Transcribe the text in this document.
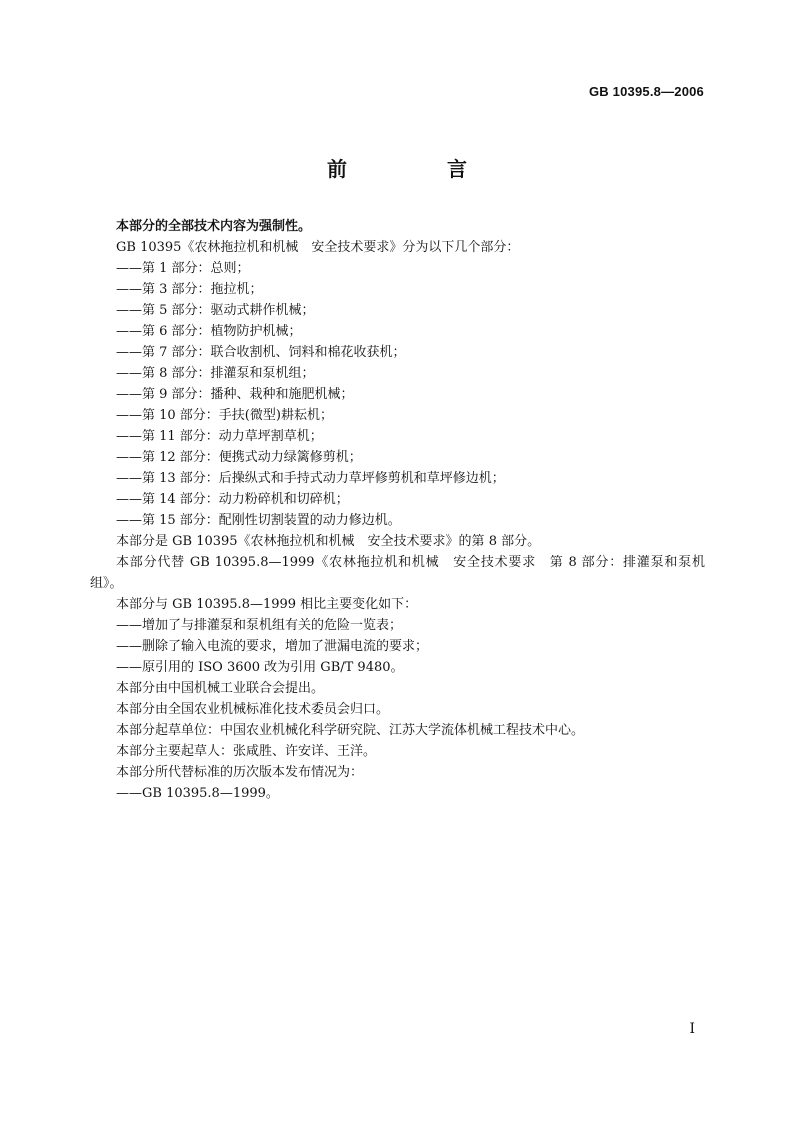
GB 10395.8—2006
前　言
本部分的全部技术内容为强制性。
GB 10395《农林拖拉机和机械　安全技术要求》分为以下几个部分：
——第 1 部分：总则；
——第 3 部分：拖拉机；
——第 5 部分：驱动式耕作机械；
——第 6 部分：植物防护机械；
——第 7 部分：联合收割机、饲料和棉花收获机；
——第 8 部分：排灌泵和泵机组；
——第 9 部分：播种、栽种和施肥机械；
——第 10 部分：手扶(微型)耕耘机；
——第 11 部分：动力草坪割草机；
——第 12 部分：便携式动力绿篱修剪机；
——第 13 部分：后操纵式和手持式动力草坪修剪机和草坪修边机；
——第 14 部分：动力粉碎机和切碎机；
——第 15 部分：配刚性切割装置的动力修边机。
本部分是 GB 10395《农林拖拉机和机械　安全技术要求》的第 8 部分。
本部分代替 GB 10395.8—1999《农林拖拉机和机械　安全技术要求　第 8 部分：排灌泵和泵机组》。
本部分与 GB 10395.8—1999 相比主要变化如下：
——增加了与排灌泵和泵机组有关的危险一览表；
——删除了输入电流的要求，增加了泄漏电流的要求；
——原引用的 ISO 3600 改为引用 GB/T 9480。
本部分由中国机械工业联合会提出。
本部分由全国农业机械标准化技术委员会归口。
本部分起草单位：中国农业机械化科学研究院、江苏大学流体机械工程技术中心。
本部分主要起草人：张咸胜、许安详、王洋。
本部分所代替标准的历次版本发布情况为：
——GB 10395.8—1999。
I
